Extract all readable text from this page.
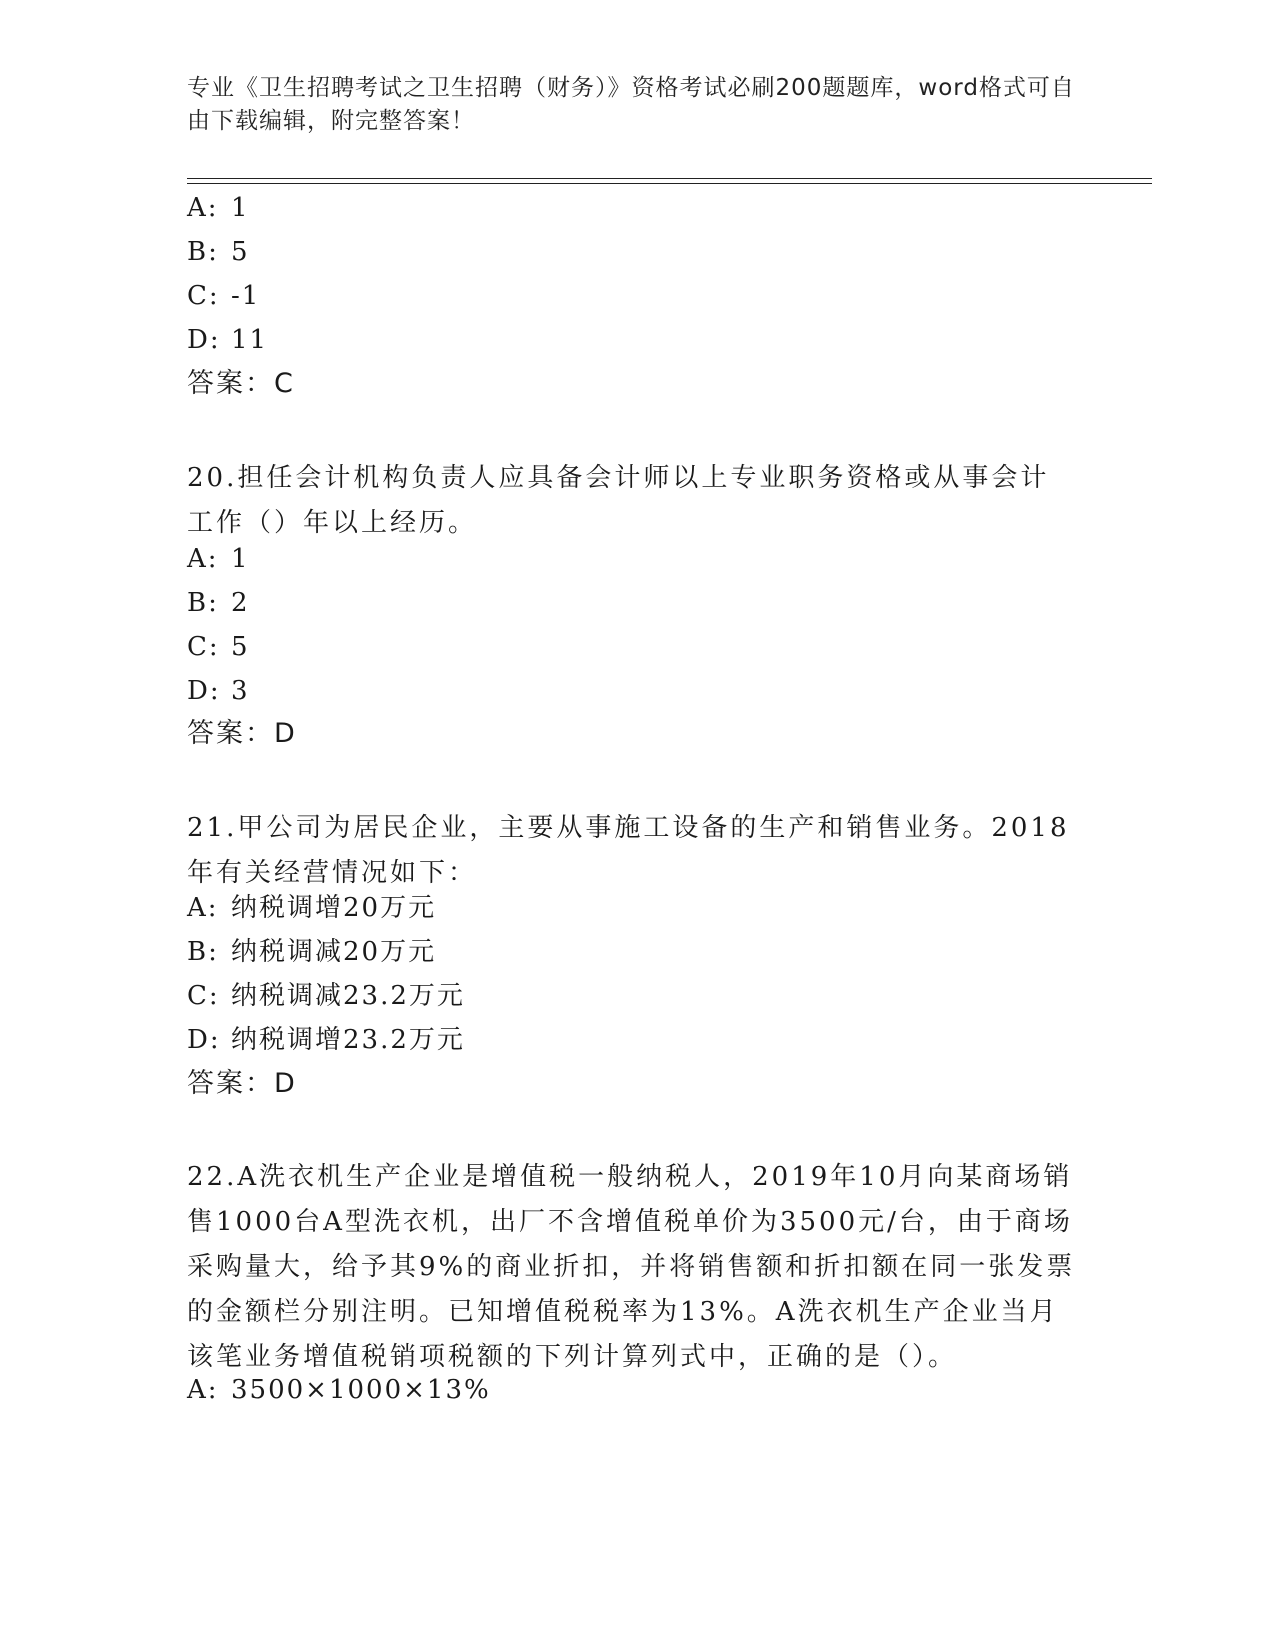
专业《卫生招聘考试之卫生招聘（财务）》资格考试必刷200题题库，word格式可自由下载编辑，附完整答案！
A: 1
B: 5
C: -1
D: 11
答案：C
20.担任会计机构负责人应具备会计师以上专业职务资格或从事会计工作（）年以上经历。
A: 1
B: 2
C: 5
D: 3
答案：D
21.甲公司为居民企业，主要从事施工设备的生产和销售业务。2018年有关经营情况如下：
A: 纳税调增20万元
B: 纳税调减20万元
C: 纳税调减23.2万元
D: 纳税调增23.2万元
答案：D
22.A洗衣机生产企业是增值税一般纳税人，2019年10月向某商场销售1000台A型洗衣机，出厂不含增值税单价为3500元/台，由于商场采购量大，给予其9%的商业折扣，并将销售额和折扣额在同一张发票的金额栏分别注明。已知增值税税率为13%。A洗衣机生产企业当月该笔业务增值税销项税额的下列计算列式中，正确的是（）。
A: 3500×1000×13%
